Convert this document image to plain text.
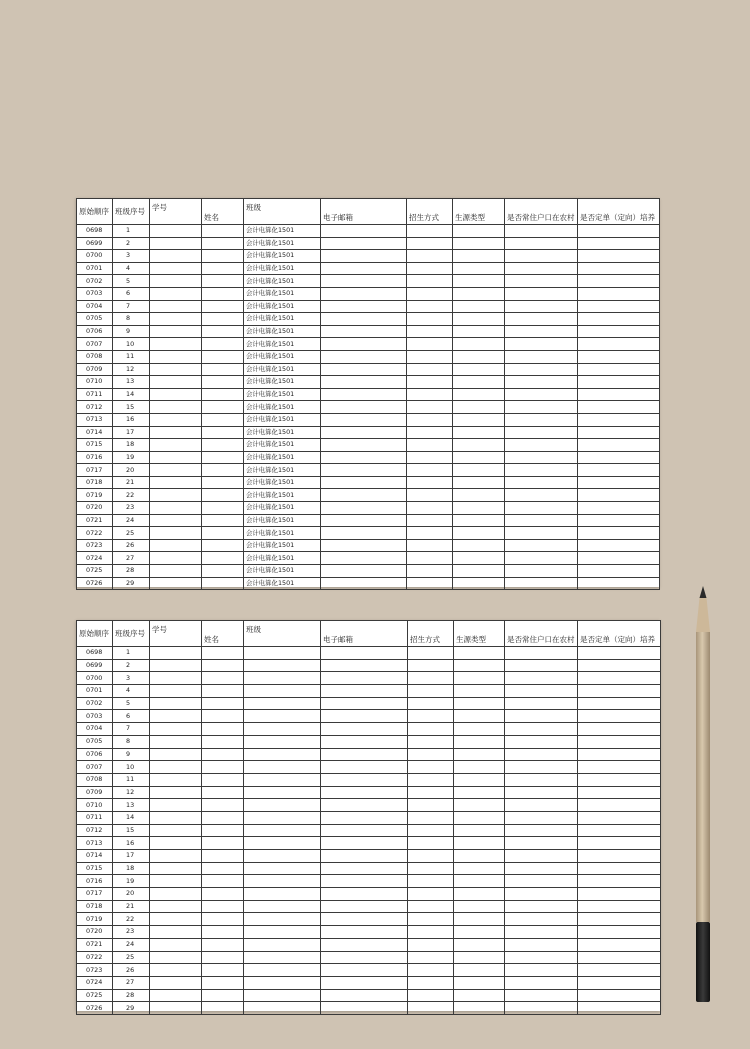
原始顺序	班级序号	学号	姓名	班级	电子邮箱	招生方式	生源类型	是否常住户口在农村	是否定单（定向）培养
0698	1			会计电算化1501					
0699	2			会计电算化1501					
0700	3			会计电算化1501					
0701	4			会计电算化1501					
0702	5			会计电算化1501					
0703	6			会计电算化1501					
0704	7			会计电算化1501					
0705	8			会计电算化1501					
0706	9			会计电算化1501					
0707	10			会计电算化1501					
0708	11			会计电算化1501					
0709	12			会计电算化1501					
0710	13			会计电算化1501					
0711	14			会计电算化1501					
0712	15			会计电算化1501					
0713	16			会计电算化1501					
0714	17			会计电算化1501					
0715	18			会计电算化1501					
0716	19			会计电算化1501					
0717	20			会计电算化1501					
0718	21			会计电算化1501					
0719	22			会计电算化1501					
0720	23			会计电算化1501					
0721	24			会计电算化1501					
0722	25			会计电算化1501					
0723	26			会计电算化1501					
0724	27			会计电算化1501					
0725	28			会计电算化1501					
0726	29			会计电算化1501					
原始顺序	班级序号	学号	姓名	班级	电子邮箱	招生方式	生源类型	是否常住户口在农村	是否定单（定向）培养
0698	1								
0699	2								
0700	3								
0701	4								
0702	5								
0703	6								
0704	7								
0705	8								
0706	9								
0707	10								
0708	11								
0709	12								
0710	13								
0711	14								
0712	15								
0713	16								
0714	17								
0715	18								
0716	19								
0717	20								
0718	21								
0719	22								
0720	23								
0721	24								
0722	25								
0723	26								
0724	27								
0725	28								
0726	29								
